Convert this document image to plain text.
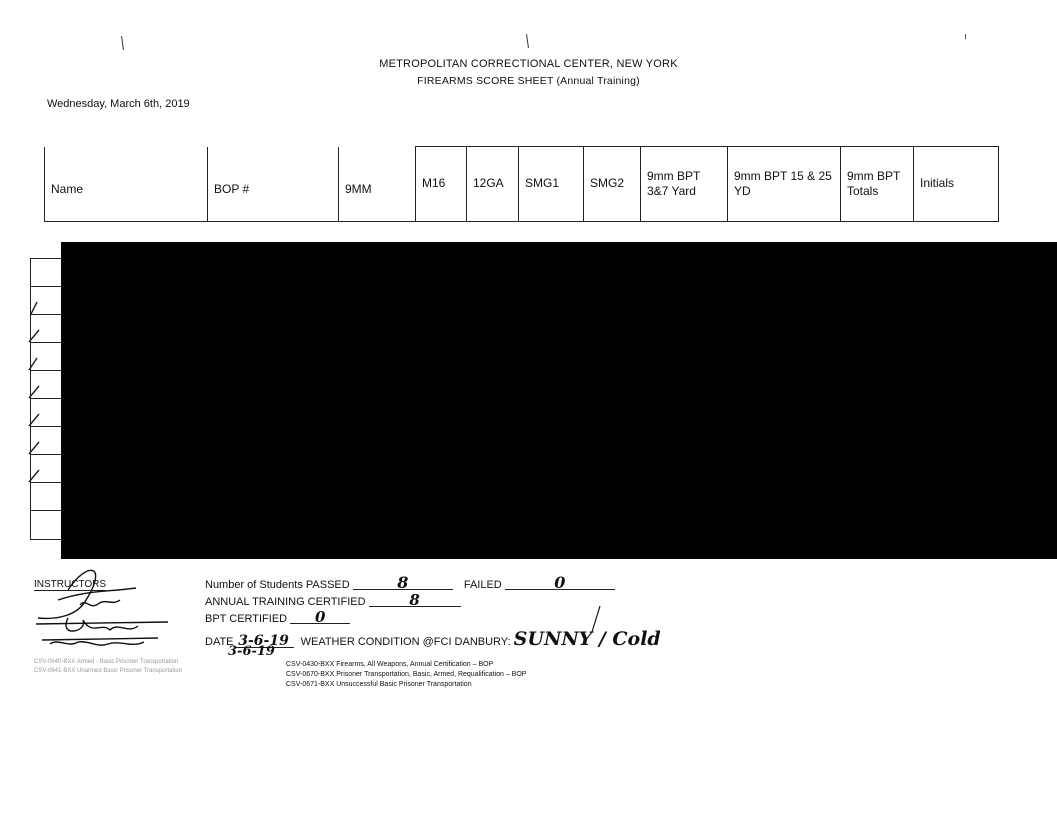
METROPOLITAN CORRECTIONAL CENTER, NEW YORK
FIREARMS SCORE SHEET (Annual Training)
Wednesday, March 6th, 2019
Name	BOP #	9MM	M16	12GA	SMG1	SMG2	9mm BPT 3&7 Yard	9mm BPT 15 & 25 YD	9mm BPT Totals	Initials
INSTRUCTORS	Number of Students PASSED	8	FAILED	0
ANNUAL TRAINING CERTIFIED	8
BPT CERTIFIED 0
DATE 3-6-19 WEATHER CONDITION @FCI DANBURY: SUNNY / Cold
3-6-19
CSV-0640-BXX Armed - Basic Prisoner Transportation
CSV-0641-BXX Unarmed Basic Prisoner Transportation
CSV-0430-BXX Firearms, All Weapons, Annual Certification – BOP
CSV-0670-BXX Prisoner Transportation, Basic, Armed, Requalification – BOP
CSV-0671-BXX Unsuccessful Basic Prisoner Transportation
